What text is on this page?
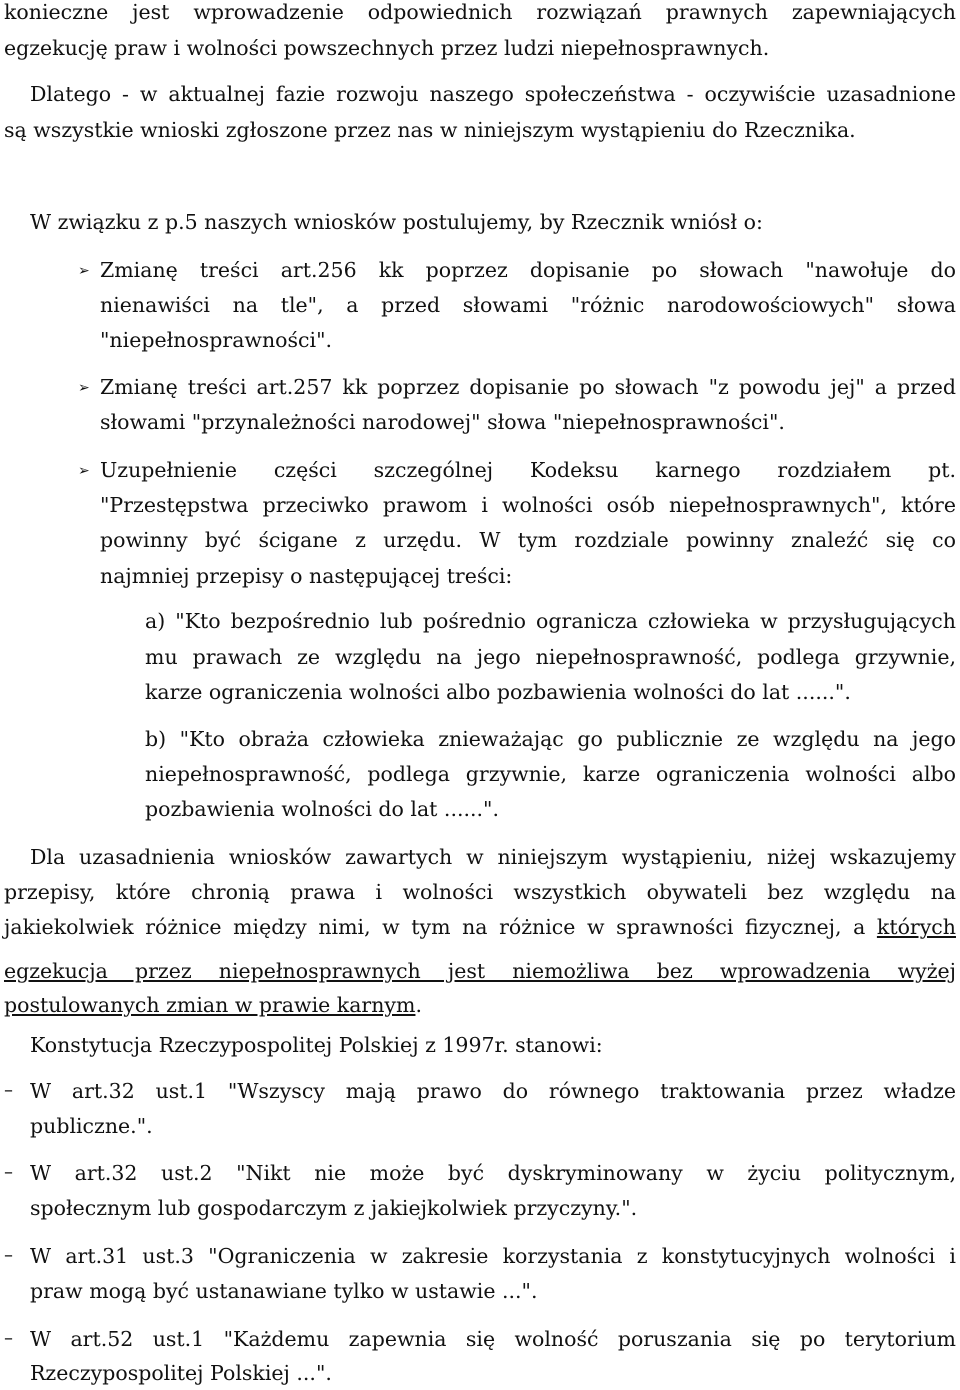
konieczne jest wprowadzenie odpowiednich rozwiązań prawnych zapewniających
egzekucję praw i wolności powszechnych przez ludzi niepełnosprawnych.
Dlatego - w aktualnej fazie rozwoju naszego społeczeństwa - oczywiście uzasadnione
są wszystkie wnioski zgłoszone przez nas w niniejszym wystąpieniu do Rzecznika.
W związku z p.5 naszych wniosków postulujemy, by Rzecznik wniósł o:
➢ Zmianę treści art.256 kk poprzez dopisanie po słowach "nawołuje do
nienawiści na tle", a przed słowami "różnic narodowościowych" słowa
"niepełnosprawności".
➢ Zmianę treści art.257 kk poprzez dopisanie po słowach "z powodu jej" a przed
słowami "przynależności narodowej" słowa "niepełnosprawności".
➢ Uzupełnienie części szczególnej Kodeksu karnego rozdziałem pt.
"Przestępstwa przeciwko prawom i wolności osób niepełnosprawnych", które
powinny być ścigane z urzędu. W tym rozdziale powinny znaleźć się co
najmniej przepisy o następującej treści:
a) "Kto bezpośrednio lub pośrednio ogranicza człowieka w przysługujących
mu prawach ze względu na jego niepełnosprawność, podlega grzywnie,
karze ograniczenia wolności albo pozbawienia wolności do lat ......".
b) "Kto obraża człowieka znieważając go publicznie ze względu na jego
niepełnosprawność, podlega grzywnie, karze ograniczenia wolności albo
pozbawienia wolności do lat ......".
Dla uzasadnienia wniosków zawartych w niniejszym wystąpieniu, niżej wskazujemy
przepisy, które chronią prawa i wolności wszystkich obywateli bez względu na
jakiekolwiek różnice między nimi, w tym na różnice w sprawności fizycznej, a których
egzekucja przez niepełnosprawnych jest niemożliwa bez wprowadzenia wyżej
postulowanych zmian w prawie karnym.
Konstytucja Rzeczypospolitej Polskiej z 1997r. stanowi:
– W art.32 ust.1 "Wszyscy mają prawo do równego traktowania przez władze
publiczne.".
– W art.32 ust.2 "Nikt nie może być dyskryminowany w życiu politycznym,
społecznym lub gospodarczym z jakiejkolwiek przyczyny.".
– W art.31 ust.3 "Ograniczenia w zakresie korzystania z konstytucyjnych wolności i
praw mogą być ustanawiane tylko w ustawie ...".
– W art.52 ust.1 "Każdemu zapewnia się wolność poruszania się po terytorium
Rzeczypospolitej Polskiej ...".
